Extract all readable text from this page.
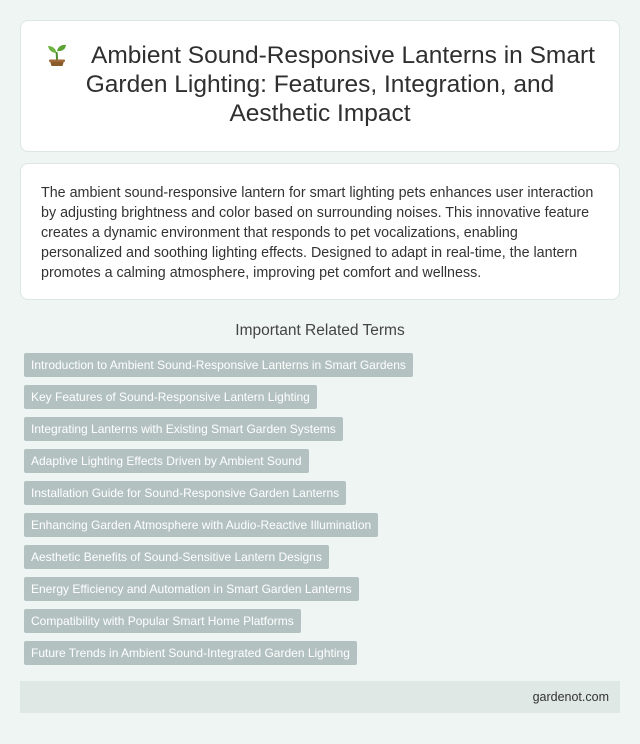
Ambient Sound-Responsive Lanterns in Smart Garden Lighting: Features, Integration, and Aesthetic Impact

The ambient sound-responsive lantern for smart lighting pets enhances user interaction by adjusting brightness and color based on surrounding noises. This innovative feature creates a dynamic environment that responds to pet vocalizations, enabling personalized and soothing lighting effects. Designed to adapt in real-time, the lantern promotes a calming atmosphere, improving pet comfort and wellness.

Important Related Terms
Introduction to Ambient Sound-Responsive Lanterns in Smart Gardens

Key Features of Sound-Responsive Lantern Lighting

Integrating Lanterns with Existing Smart Garden Systems

Adaptive Lighting Effects Driven by Ambient Sound

Installation Guide for Sound-Responsive Garden Lanterns

Enhancing Garden Atmosphere with Audio-Reactive Illumination

Aesthetic Benefits of Sound-Sensitive Lantern Designs

Energy Efficiency and Automation in Smart Garden Lanterns

Compatibility with Popular Smart Home Platforms

Future Trends in Ambient Sound-Integrated Garden Lighting
gardenot.com
